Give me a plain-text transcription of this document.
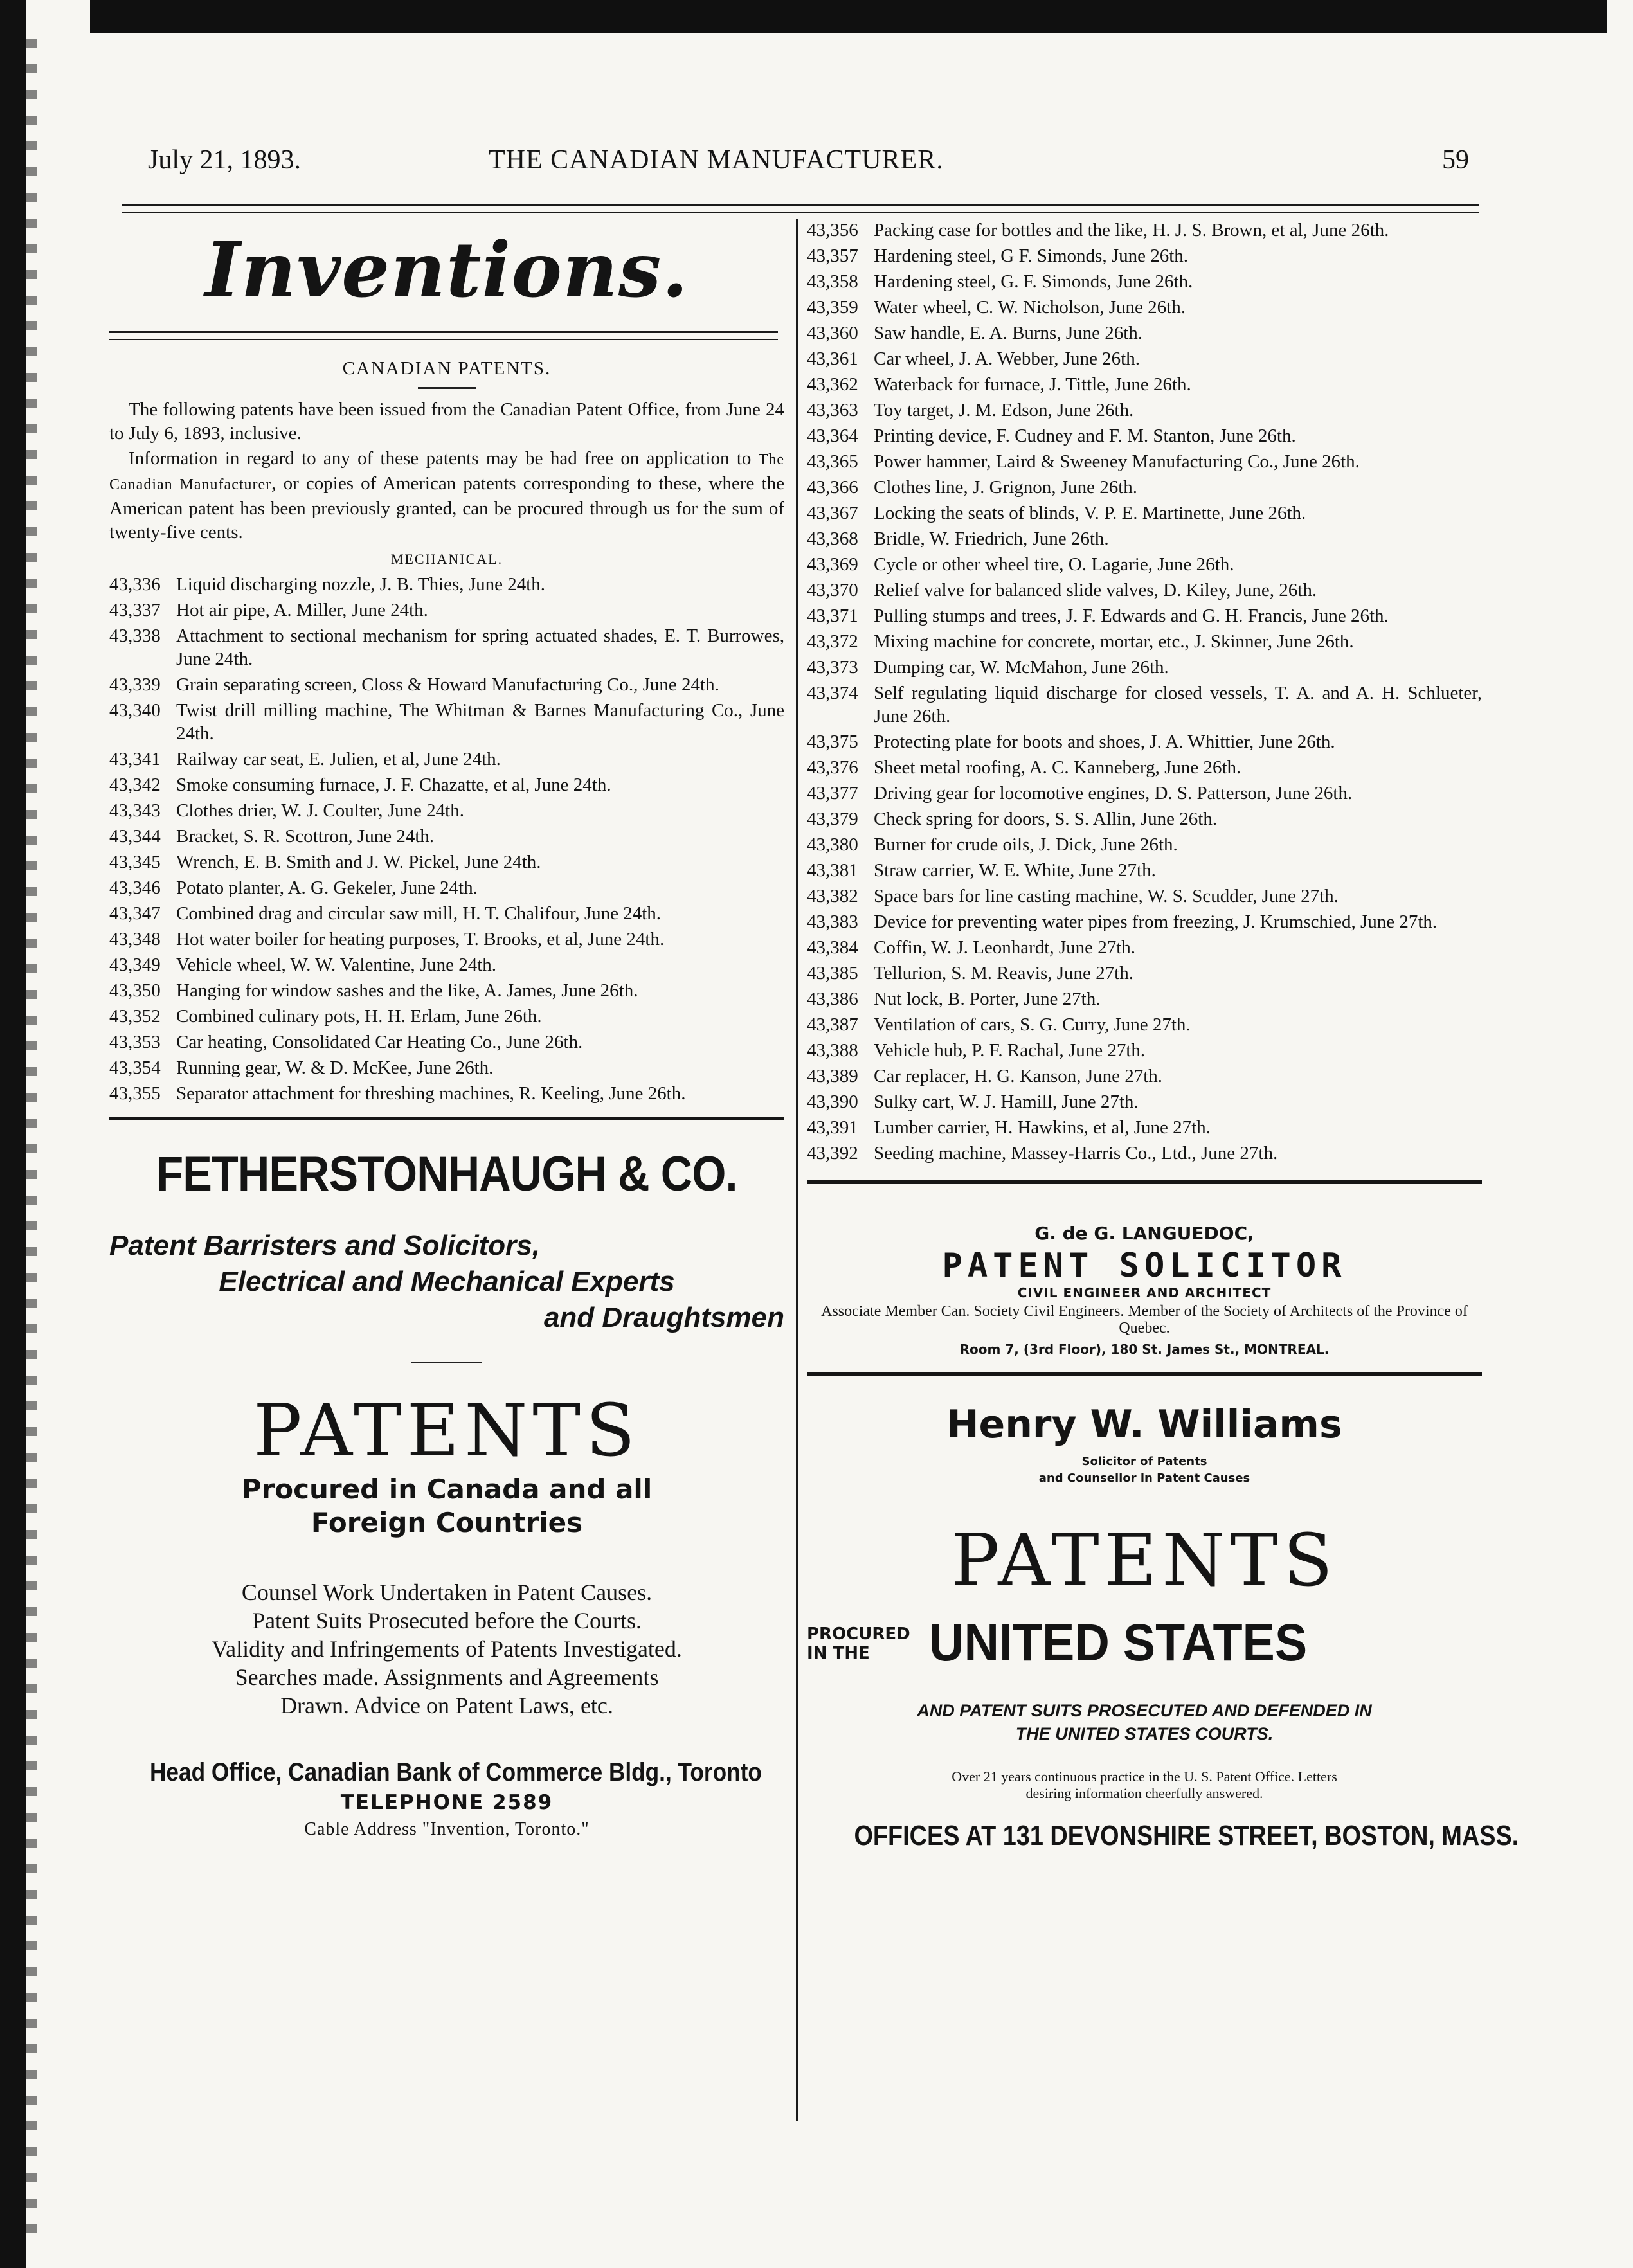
July 21, 1893.	THE CANADIAN MANUFACTURER.	59
Inventions.
CANADIAN PATENTS.

The following patents have been issued from the Canadian Patent Office, from June 24 to July 6, 1893, inclusive.

Information in regard to any of these patents may be had free on application to The Canadian Manufacturer, or copies of American patents corresponding to these, where the American patent has been previously granted, can be procured through us for the sum of twenty-five cents.

MECHANICAL.
43,336 Liquid discharging nozzle, J. B. Thies, June 24th.
43,337 Hot air pipe, A. Miller, June 24th.
43,338 Attachment to sectional mechanism for spring actuated shades, E. T. Burrowes, June 24th.
43,339 Grain separating screen, Closs & Howard Manufacturing Co., June 24th.
43,340 Twist drill milling machine, The Whitman & Barnes Manufacturing Co., June 24th.
43,341 Railway car seat, E. Julien, et al, June 24th.
43,342 Smoke consuming furnace, J. F. Chazatte, et al, June 24th.
43,343 Clothes drier, W. J. Coulter, June 24th.
43,344 Bracket, S. R. Scottron, June 24th.
43,345 Wrench, E. B. Smith and J. W. Pickel, June 24th.
43,346 Potato planter, A. G. Gekeler, June 24th.
43,347 Combined drag and circular saw mill, H. T. Chalifour, June 24th.
43,348 Hot water boiler for heating purposes, T. Brooks, et al, June 24th.
43,349 Vehicle wheel, W. W. Valentine, June 24th.
43,350 Hanging for window sashes and the like, A. James, June 26th.
43,352 Combined culinary pots, H. H. Erlam, June 26th.
43,353 Car heating, Consolidated Car Heating Co., June 26th.
43,354 Running gear, W. & D. McKee, June 26th.
43,355 Separator attachment for threshing machines, R. Keeling, June 26th.
FETHERSTONHAUGH & CO.
Patent Barristers and Solicitors,
Electrical and Mechanical Experts
and Draughtsmen
PATENTS
Procured in Canada and all
Foreign Countries
Counsel Work Undertaken in Patent Causes.
Patent Suits Prosecuted before the Courts.
Validity and Infringements of Patents Investigated.
Searches made. Assignments and Agreements
Drawn. Advice on Patent Laws, etc.
Head Office, Canadian Bank of Commerce Bldg., Toronto
TELEPHONE 2589
Cable Address "Invention, Toronto."
43,356 Packing case for bottles and the like, H. J. S. Brown, et al, June 26th.
43,357 Hardening steel, G F. Simonds, June 26th.
43,358 Hardening steel, G. F. Simonds, June 26th.
43,359 Water wheel, C. W. Nicholson, June 26th.
43,360 Saw handle, E. A. Burns, June 26th.
43,361 Car wheel, J. A. Webber, June 26th.
43,362 Waterback for furnace, J. Tittle, June 26th.
43,363 Toy target, J. M. Edson, June 26th.
43,364 Printing device, F. Cudney and F. M. Stanton, June 26th.
43,365 Power hammer, Laird & Sweeney Manufacturing Co., June 26th.
43,366 Clothes line, J. Grignon, June 26th.
43,367 Locking the seats of blinds, V. P. E. Martinette, June 26th.
43,368 Bridle, W. Friedrich, June 26th.
43,369 Cycle or other wheel tire, O. Lagarie, June 26th.
43,370 Relief valve for balanced slide valves, D. Kiley, June, 26th.
43,371 Pulling stumps and trees, J. F. Edwards and G. H. Francis, June 26th.
43,372 Mixing machine for concrete, mortar, etc., J. Skinner, June 26th.
43,373 Dumping car, W. McMahon, June 26th.
43,374 Self regulating liquid discharge for closed vessels, T. A. and A. H. Schlueter, June 26th.
43,375 Protecting plate for boots and shoes, J. A. Whittier, June 26th.
43,376 Sheet metal roofing, A. C. Kanneberg, June 26th.
43,377 Driving gear for locomotive engines, D. S. Patterson, June 26th.
43,379 Check spring for doors, S. S. Allin, June 26th.
43,380 Burner for crude oils, J. Dick, June 26th.
43,381 Straw carrier, W. E. White, June 27th.
43,382 Space bars for line casting machine, W. S. Scudder, June 27th.
43,383 Device for preventing water pipes from freezing, J. Krumschied, June 27th.
43,384 Coffin, W. J. Leonhardt, June 27th.
43,385 Tellurion, S. M. Reavis, June 27th.
43,386 Nut lock, B. Porter, June 27th.
43,387 Ventilation of cars, S. G. Curry, June 27th.
43,388 Vehicle hub, P. F. Rachal, June 27th.
43,389 Car replacer, H. G. Kanson, June 27th.
43,390 Sulky cart, W. J. Hamill, June 27th.
43,391 Lumber carrier, H. Hawkins, et al, June 27th.
43,392 Seeding machine, Massey-Harris Co., Ltd., June 27th.
G. de G. LANGUEDOC,
PATENT SOLICITOR
CIVIL ENGINEER AND ARCHITECT
Associate Member Can. Society Civil Engineers. Member of the Society of Architects of the Province of Quebec.
Room 7, (3rd Floor), 180 St. James St., MONTREAL.
Henry W. Williams
Solicitor of Patents
and Counsellor in Patent Causes
PATENTS
PROCURED
IN THE	UNITED STATES
AND PATENT SUITS PROSECUTED AND DEFENDED IN
THE UNITED STATES COURTS.
Over 21 years continuous practice in the U. S. Patent Office. Letters
desiring information cheerfully answered.
OFFICES AT 131 DEVONSHIRE STREET, BOSTON, MASS.
